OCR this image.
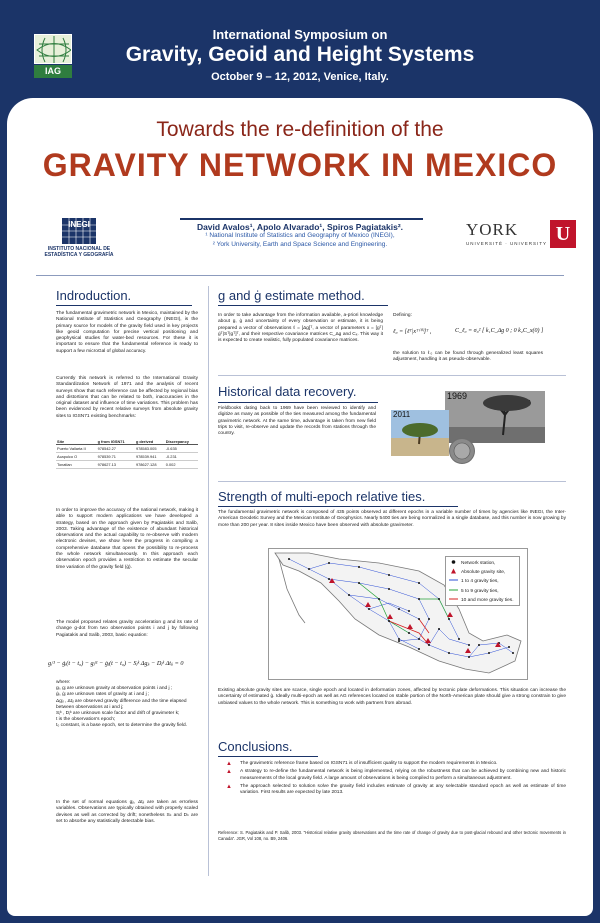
IAG
International Symposium on
Gravity, Geoid and Height Systems
October 9 – 12, 2012, Venice, Italy.
Towards the re-definition of the
GRAVITY NETWORK IN MEXICO
INEGI
INSTITUTO NACIONAL DE ESTADÍSTICA Y GEOGRAFÍA
David Avalos¹, Apolo Alvarado¹, Spiros Pagiatakis².
¹ National Institute of Statistics and Geography of Mexico (INEGI),
² York University, Earth and Space Science and Engineering.
YORK
UNIVERSITÉ · UNIVERSITY U
Indroduction.
The fundamental gravimetric network in Mexico, maintained by the National Institute of Statistics and Geography (INEGI), is the primary source for models of the gravity field used in key projects like geoid computation for precise vertical positioning and geophysical studies for water-bed resources. For these it is important to ensure that the fundamental reference is ready to support a few microGal of global accuracy.
Currently this network is referred to the International Gravity Standardization Network of 1971 and the analysis of recent surveys show that such reference can be affected by regional bias and distortions that can be related to both, inaccuracies in the original dataset and influence of time variations. This problem has been evidenced by recent relative surveys from absolute gravity sites to IGSN71 existing benchmarks:
Site	g from IGSN71	g derived	Discrepancy
Puerto Vallarta II	978542.27	978583.005	-0.635
Acapulco O	978539.71	978539.941	-0.231
Tonatlan	978627.13	978627.128	0.002
In order to improve the accuracy of the national network, making it able to support modern applications we have developed a strategy, based on the approach given by Pagiatakis and Salib, 2003. Taking advantage of the existence of abundant historical observations and the actual capability to re-observe with modern electronic devises, we show here the progress in compiling a comprehensive database that opens the possibility to re-process the whole network simultaneously. In this approach each observation epoch provides a restriction to estimate the secular time variation of the gravity field (ġ).
The model proposed relates gravity acceleration g and its rate of change g-dot from two observation points i and j by following Pagiatakis and Salib, 2003, basic equation:
gᵢᵗ¹ − ġᵢ(t − t₀) − gⱼᵗ¹ − ġⱼ(t − t₀) − Sⱼᵏ Δgⱼᵢ − Dⱼᵏ Δtⱼᵢ = 0
where:
gᵢ, gⱼ are unknown gravity at observation points i and j ;
ġᵢ, ġⱼ are unknown rates of gravity at i and j ;
Δgⱼᵢ , Δtⱼᵢ are observed gravity difference and the time elapsed between observations at i and j;
Sⱼᵏ , Dⱼᵏ are unknown scale factor and drift of gravimeter k;
t is the observation's epoch;
t₀ constant, is a base epoch, set to determine the gravity field.
In the set of normal equations gⱼᵢ, Δtⱼᵢ are taken as errorless variables. Observations are typically obtained with properly scaled devises as well as corrected by drift; nonetheless Sₖ and Dₖ are set to absorbe any statistically detectable bias.
g and ġ estimate method.
In order to take advantage from the information available, a-priori knowledge about g, ġ and uncertainty of every observation or estimate, it is being prepared a vector of observations ℓ = [Δg]ᵀ, a vector of parameters x = [gᵀ|ġᵀ|Sᵀ|gᵀ]ᵀ, and their respective covariance matrices C_Δg and Cₓ. This way it is expected to create realistic, fully populated covariance matrices.
Defining:
ℓ₀ = [ℓᵀ|xᵀ⁽⁰⁾]ᵀ ,	C_ℓ₀ = σ₀² [ k₁C_Δg 0 ; 0 k₂C_x(0) ]
the solution to ℓ₀ can be found through generalized least squares adjustment, handling it as pseudo-observable.
Historical data recovery.
Fieldbooks dating back to 1969 have been reviewed to identify and digitize as many as possible of the ties measured among the fundamental gravimetric network. At the same time, advantage is taken from new field trips to visit, re-observe and update the records from stations through the country.
1969
2011
Strength of multi-epoch relative ties.
The fundamental gravimetric network is composed of 435 points observed at different epochs in a variable number of times by agencies like INEGI, the Inter-American Geodetic Survey and the Mexican Institute of Geophysics. Nearly 5400 ties are being normalized in a single database, and this number is now growing by more than 200 per year. 8 sites inside Mexico have been observed with absolute gravimeter.
Network station,
Absolute gravity site,
1 to 4 gravity ties,
5 to 9 gravity ties,
10 and more gravity ties.
Existing absolute gravity sites are scarce, single epoch and located in deformation zones, affected by tectonic plate deformations. This situation can increase the uncertainty of estimated ġ. Ideally multi-epoch as well as AG references located on stable portion of the North-American plate should give a strong constrain to give unbiased values to the whole network. This is something to work with partners from abroad.
Conclusions.
▲ The gravimetric reference frame based on IGSN71 is of insufficient quality to support the modern requirements in Mexico.
▲ A strategy to re-define the fundamental network is being implemented, relying on the robustness that can be achieved by combining new and historic measurements of the local gravity field. A large amount of observations is being compiled to perform a simultaneous adjustment.
▲ The approach selected to solution solve the gravity field includes estimate of gravity at any selectable standard epoch as well as estimate of time variation. First results are expected by late 2013.
Reference: S. Pagiatakis and P. Salib, 2003. "Historical relative gravity observations and the time rate of change of gravity due to post-glacial rebound and other tectonic movements in Canada". JGR, Vol 108, no. B9, 2406.
